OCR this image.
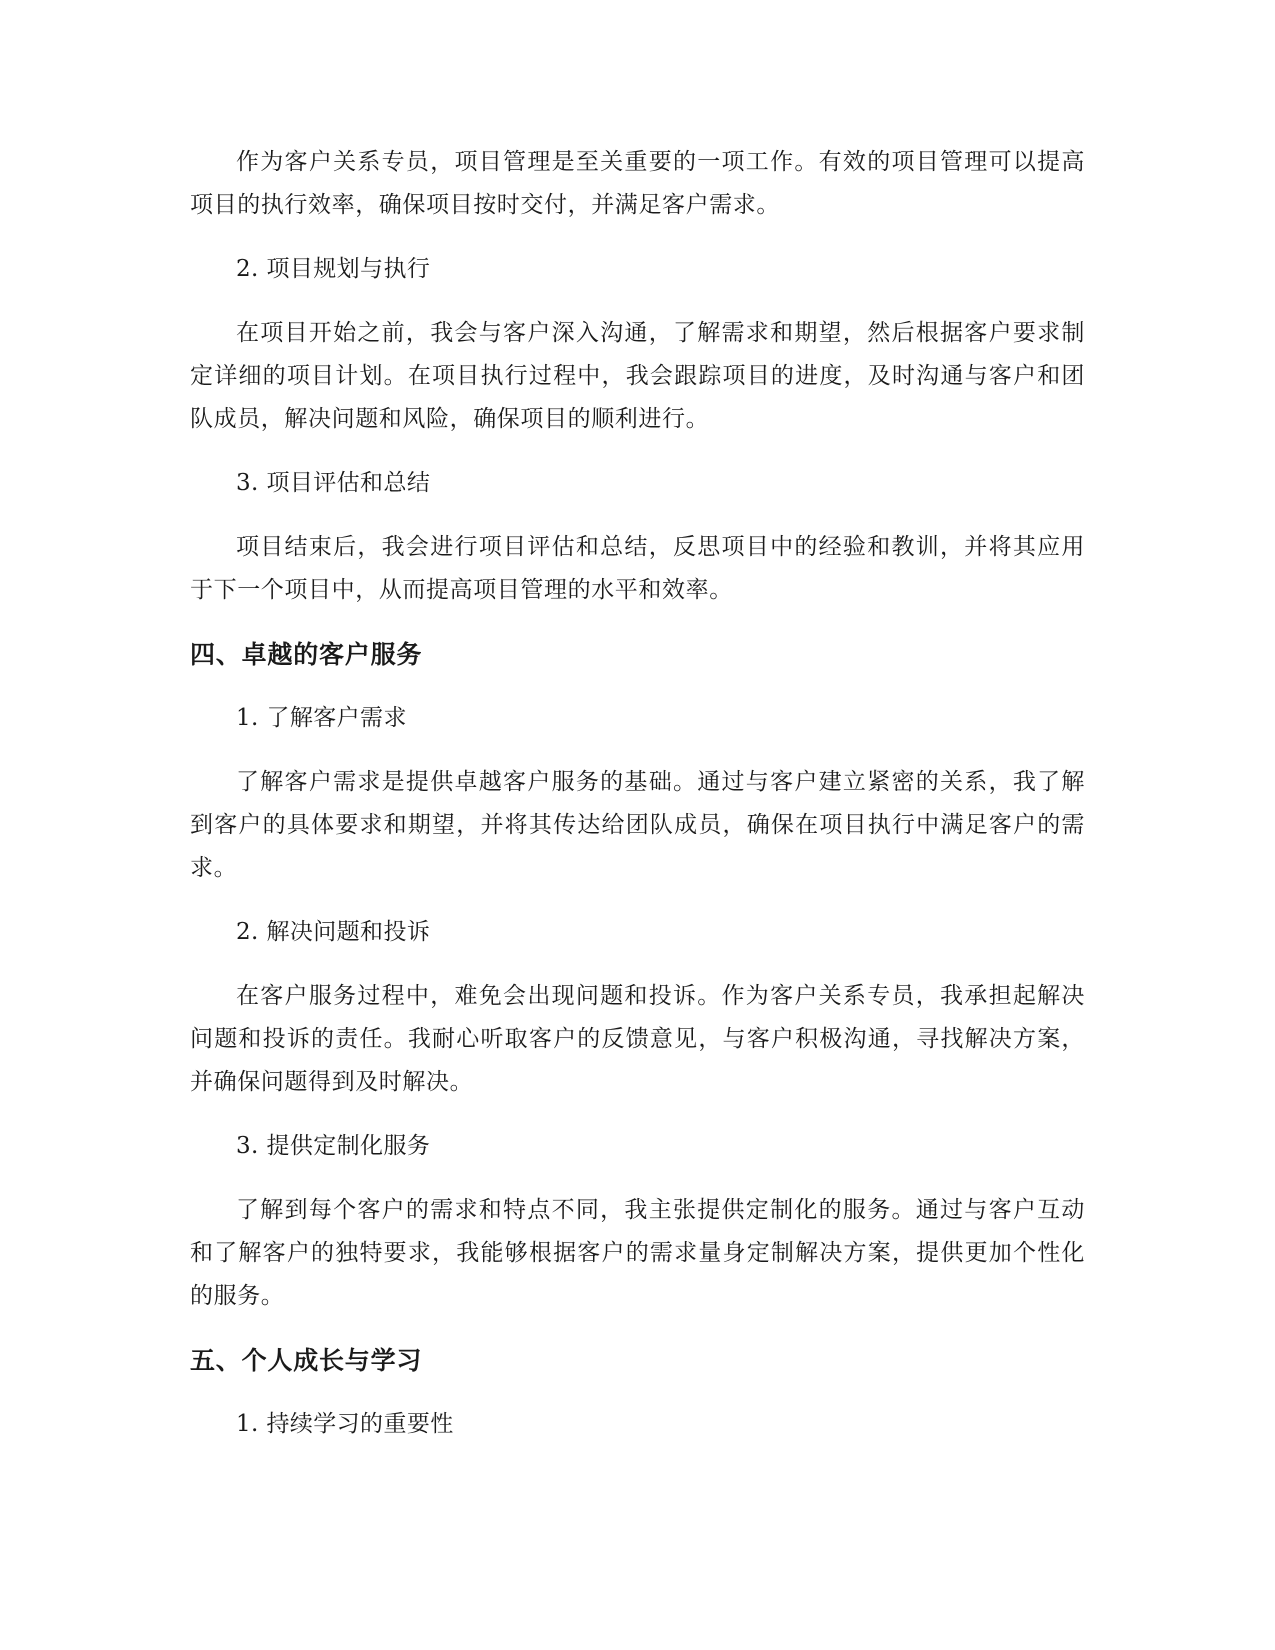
作为客户关系专员，项目管理是至关重要的一项工作。有效的项目管理可以提高项目的执行效率，确保项目按时交付，并满足客户需求。

2. 项目规划与执行

在项目开始之前，我会与客户深入沟通，了解需求和期望，然后根据客户要求制定详细的项目计划。在项目执行过程中，我会跟踪项目的进度，及时沟通与客户和团队成员，解决问题和风险，确保项目的顺利进行。

3. 项目评估和总结

项目结束后，我会进行项目评估和总结，反思项目中的经验和教训，并将其应用于下一个项目中，从而提高项目管理的水平和效率。

四、卓越的客户服务

1. 了解客户需求

了解客户需求是提供卓越客户服务的基础。通过与客户建立紧密的关系，我了解到客户的具体要求和期望，并将其传达给团队成员，确保在项目执行中满足客户的需求。

2. 解决问题和投诉

在客户服务过程中，难免会出现问题和投诉。作为客户关系专员，我承担起解决问题和投诉的责任。我耐心听取客户的反馈意见，与客户积极沟通，寻找解决方案，并确保问题得到及时解决。

3. 提供定制化服务

了解到每个客户的需求和特点不同，我主张提供定制化的服务。通过与客户互动和了解客户的独特要求，我能够根据客户的需求量身定制解决方案，提供更加个性化的服务。

五、个人成长与学习

1. 持续学习的重要性
